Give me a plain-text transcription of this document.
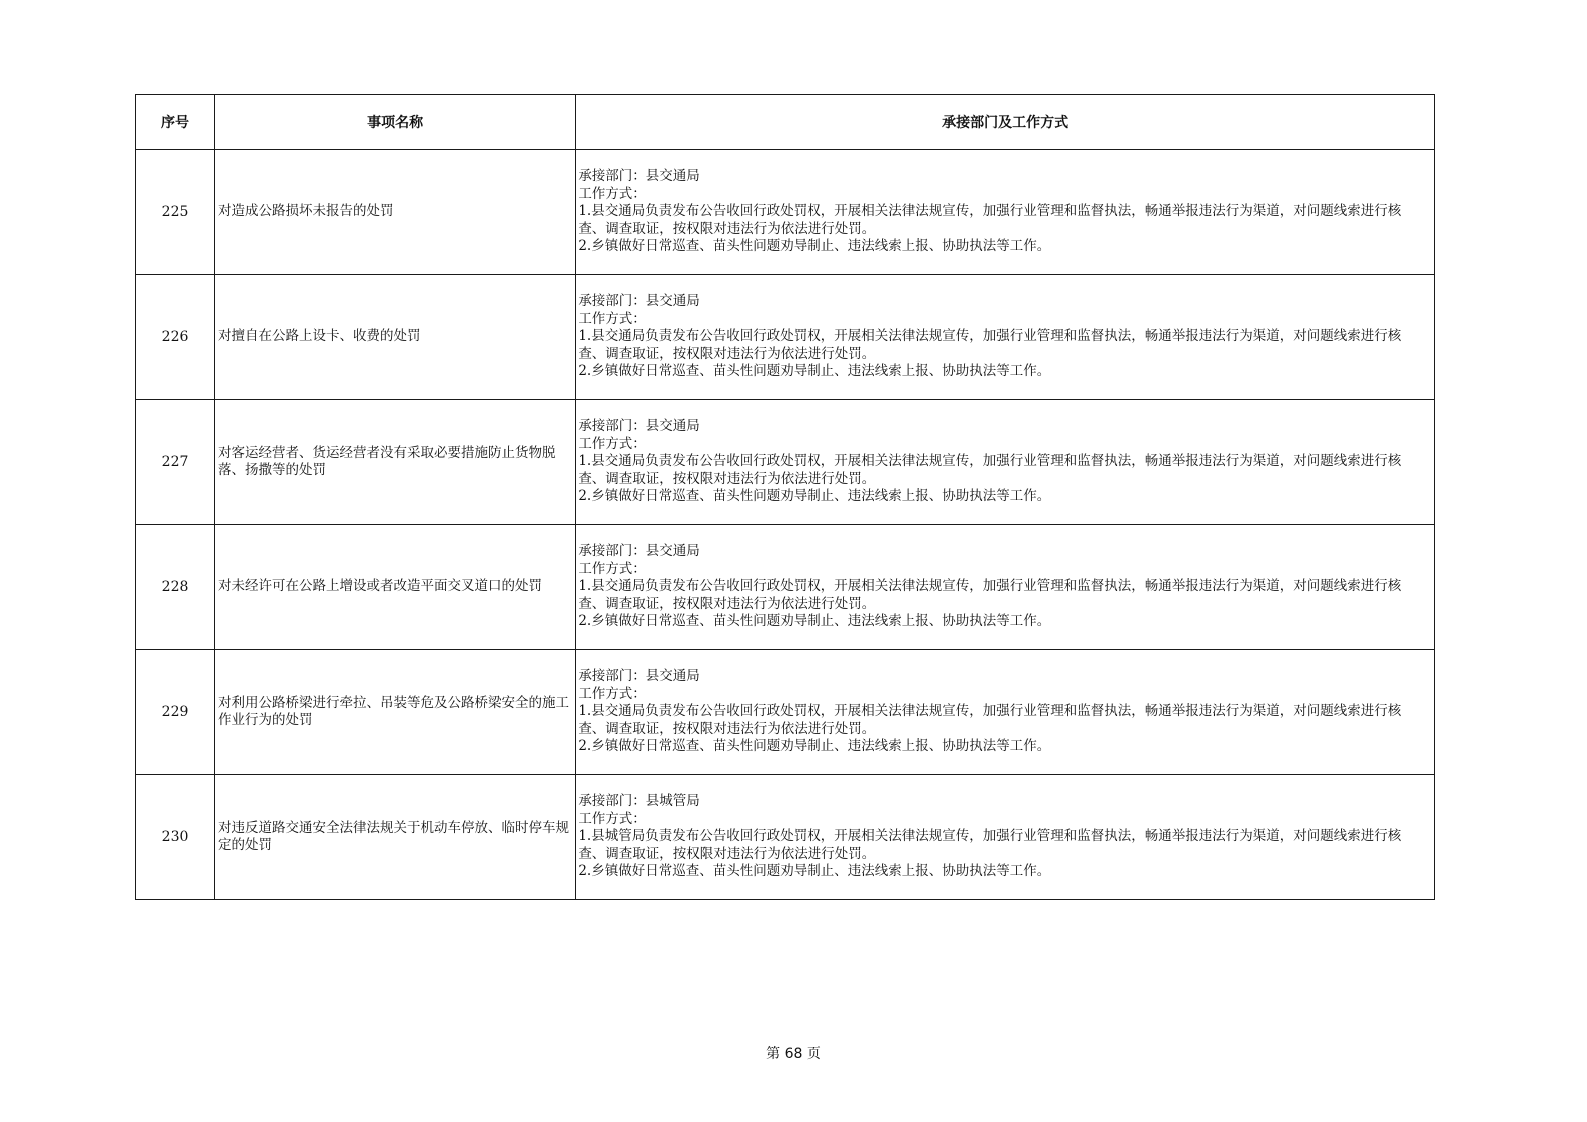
序号	事项名称	承接部门及工作方式
225	对造成公路损坏未报告的处罚	承接部门：县交通局
工作方式：
1.县交通局负责发布公告收回行政处罚权，开展相关法律法规宣传，加强行业管理和监督执法，畅通举报违法行为渠道，对问题线索进行核查、调查取证，按权限对违法行为依法进行处罚。
2.乡镇做好日常巡查、苗头性问题劝导制止、违法线索上报、协助执法等工作。

226	对擅自在公路上设卡、收费的处罚	承接部门：县交通局
工作方式：
1.县交通局负责发布公告收回行政处罚权，开展相关法律法规宣传，加强行业管理和监督执法，畅通举报违法行为渠道，对问题线索进行核查、调查取证，按权限对违法行为依法进行处罚。
2.乡镇做好日常巡查、苗头性问题劝导制止、违法线索上报、协助执法等工作。

227	对客运经营者、货运经营者没有采取必要措施防止货物脱落、扬撒等的处罚	承接部门：县交通局
工作方式：
1.县交通局负责发布公告收回行政处罚权，开展相关法律法规宣传，加强行业管理和监督执法，畅通举报违法行为渠道，对问题线索进行核查、调查取证，按权限对违法行为依法进行处罚。
2.乡镇做好日常巡查、苗头性问题劝导制止、违法线索上报、协助执法等工作。

228	对未经许可在公路上增设或者改造平面交叉道口的处罚	承接部门：县交通局
工作方式：
1.县交通局负责发布公告收回行政处罚权，开展相关法律法规宣传，加强行业管理和监督执法，畅通举报违法行为渠道，对问题线索进行核查、调查取证，按权限对违法行为依法进行处罚。
2.乡镇做好日常巡查、苗头性问题劝导制止、违法线索上报、协助执法等工作。

229	对利用公路桥梁进行牵拉、吊装等危及公路桥梁安全的施工作业行为的处罚	承接部门：县交通局
工作方式：
1.县交通局负责发布公告收回行政处罚权，开展相关法律法规宣传，加强行业管理和监督执法，畅通举报违法行为渠道，对问题线索进行核查、调查取证，按权限对违法行为依法进行处罚。
2.乡镇做好日常巡查、苗头性问题劝导制止、违法线索上报、协助执法等工作。

230	对违反道路交通安全法律法规关于机动车停放、临时停车规定的处罚	承接部门：县城管局
工作方式：
1.县城管局负责发布公告收回行政处罚权，开展相关法律法规宣传，加强行业管理和监督执法，畅通举报违法行为渠道，对问题线索进行核查、调查取证，按权限对违法行为依法进行处罚。
2.乡镇做好日常巡查、苗头性问题劝导制止、违法线索上报、协助执法等工作。
第 68 页
